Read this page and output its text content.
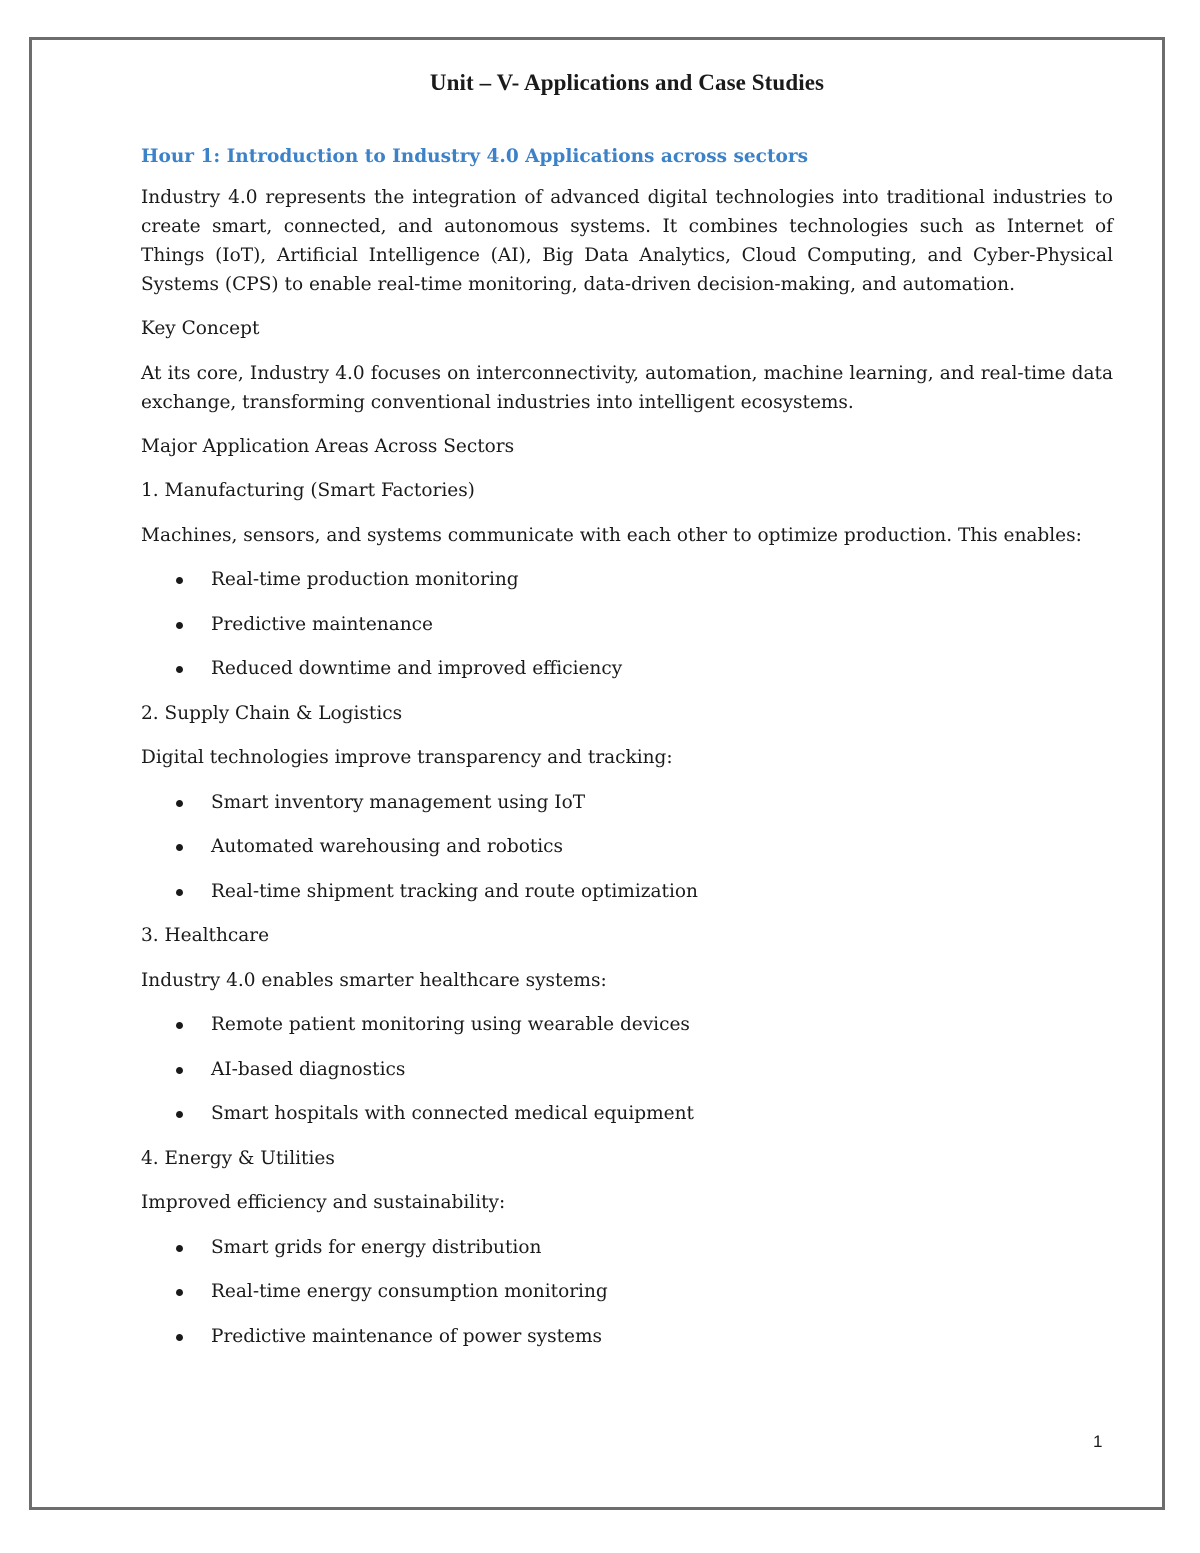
Unit – V- Applications and Case Studies
Hour 1: Introduction to Industry 4.0 Applications across sectors

Industry 4.0 represents the integration of advanced digital technologies into traditional industries to create smart, connected, and autonomous systems. It combines technologies such as Internet of Things (IoT), Artificial Intelligence (AI), Big Data Analytics, Cloud Computing, and Cyber-Physical Systems (CPS) to enable real-time monitoring, data-driven decision-making, and automation.

Key Concept

At its core, Industry 4.0 focuses on interconnectivity, automation, machine learning, and real-time data exchange, transforming conventional industries into intelligent ecosystems.

Major Application Areas Across Sectors

1. Manufacturing (Smart Factories)

Machines, sensors, and systems communicate with each other to optimize production. This enables:

Real-time production monitoring
Predictive maintenance
Reduced downtime and improved efficiency

2. Supply Chain & Logistics

Digital technologies improve transparency and tracking:

Smart inventory management using IoT
Automated warehousing and robotics
Real-time shipment tracking and route optimization

3. Healthcare

Industry 4.0 enables smarter healthcare systems:

Remote patient monitoring using wearable devices
AI-based diagnostics
Smart hospitals with connected medical equipment

4. Energy & Utilities

Improved efficiency and sustainability:

Smart grids for energy distribution
Real-time energy consumption monitoring
Predictive maintenance of power systems
1
